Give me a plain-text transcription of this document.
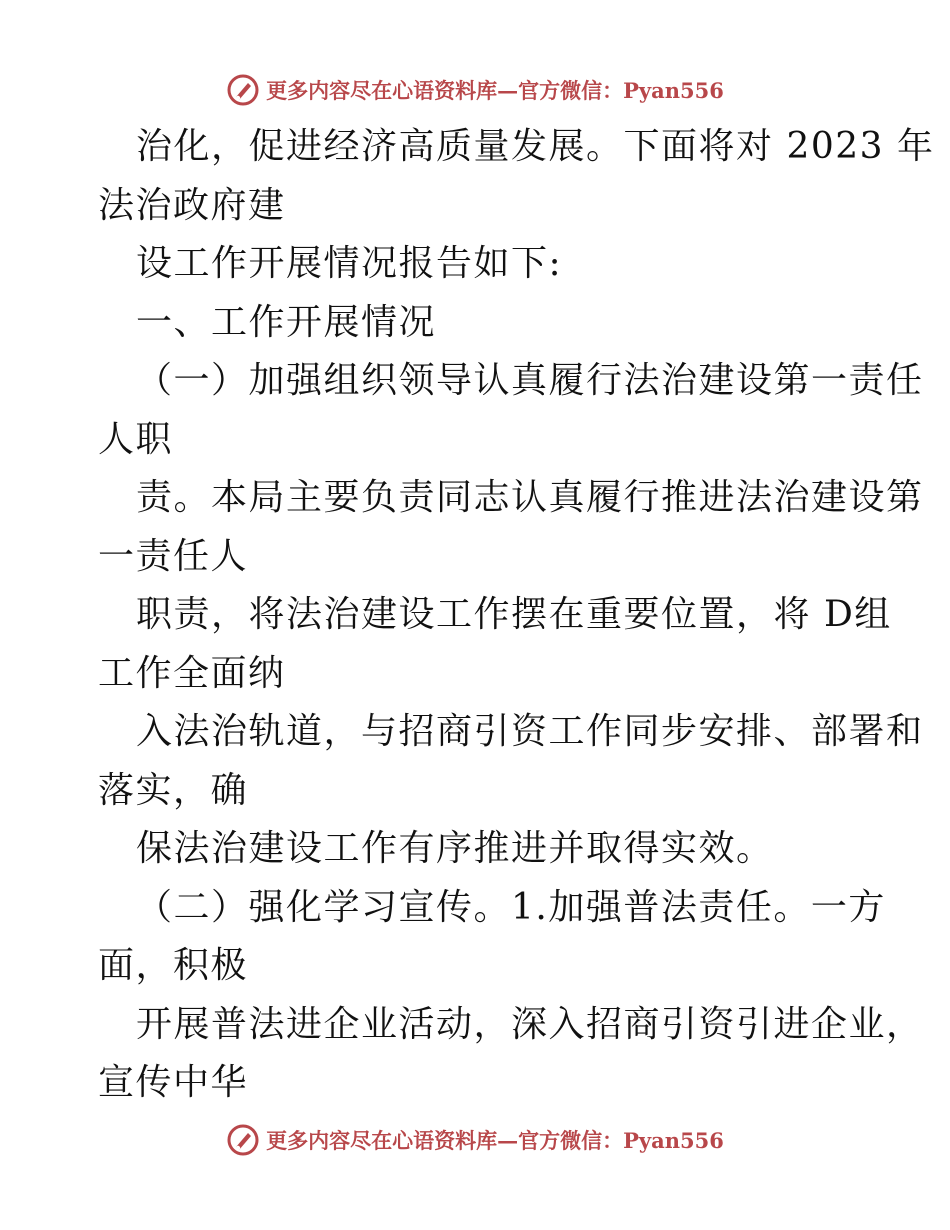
更多内容尽在心语资料库—官方微信：Pyan556
治化，促进经济高质量发展。下面将对 2023 年
法治政府建
设工作开展情况报告如下:
一、工作开展情况
（一）加强组织领导认真履行法治建设第一责任
人职
责。本局主要负责同志认真履行推进法治建设第
一责任人
职责，将法治建设工作摆在重要位置，将 D组
工作全面纳
入法治轨道，与招商引资工作同步安排、部署和
落实，确
保法治建设工作有序推进并取得实效。
（二）强化学习宣传。1.加强普法责任。一方
面，积极
开展普法进企业活动，深入招商引资引进企业，
宣传中华
更多内容尽在心语资料库—官方微信：Pyan556
